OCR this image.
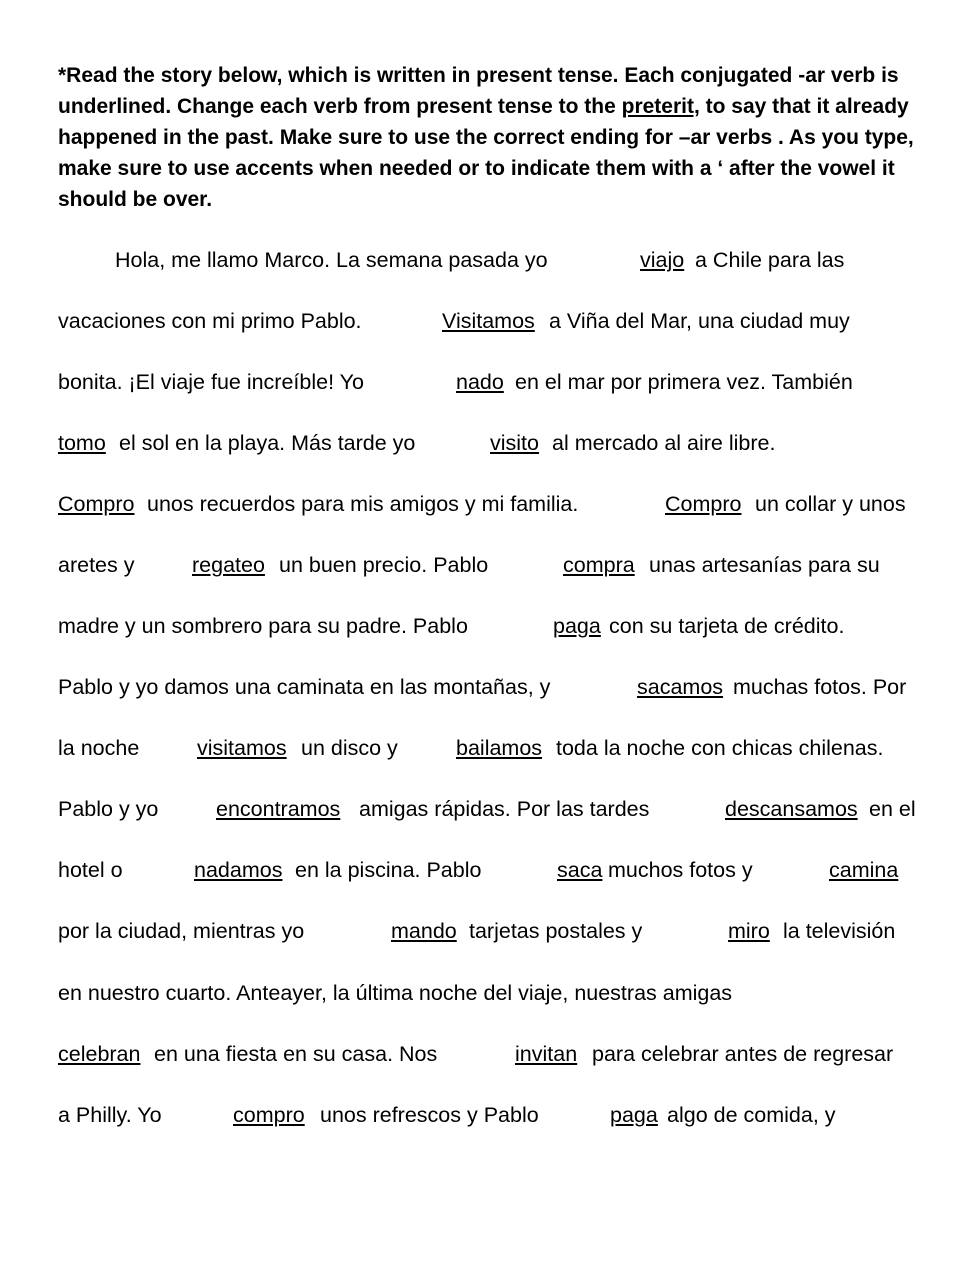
*Read the story below, which is written in present tense. Each conjugated -ar verb is underlined. Change each verb from present tense to the preterit, to say that it already happened in the past. Make sure to use the correct ending for –ar verbs . As you type, make sure to use accents when needed or to indicate them with a ‘ after the vowel it should be over.
Hola, me llamo Marco. La semana pasada yo	viajo a Chile para las
vacaciones con mi primo Pablo.	Visitamos a Viña del Mar, una ciudad muy
bonita. ¡El viaje fue increíble! Yo	nado en el mar por primera vez. También
tomo el sol en la playa. Más tarde yo	visito al mercado al aire libre.
Compro unos recuerdos para mis amigos y mi familia.	Compro un collar y unos
aretes y	regateo un buen precio. Pablo	compra unas artesanías para su
madre y un sombrero para su padre. Pablo	paga con su tarjeta de crédito.
Pablo y yo damos una caminata en las montañas, y	sacamos muchas fotos. Por
la noche	visitamos un disco y	bailamos toda la noche con chicas chilenas.
Pablo y yo	encontramos amigas rápidas. Por las tardes	descansamos en el
hotel o	nadamos en la piscina. Pablo	saca muchos fotos y	camina
por la ciudad, mientras yo	mando tarjetas postales y	miro la televisión
en nuestro cuarto. Anteayer, la última noche del viaje, nuestras amigas
celebran en una fiesta en su casa. Nos	invitan para celebrar antes de regresar
a Philly. Yo	compro unos refrescos y Pablo	paga algo de comida, y
